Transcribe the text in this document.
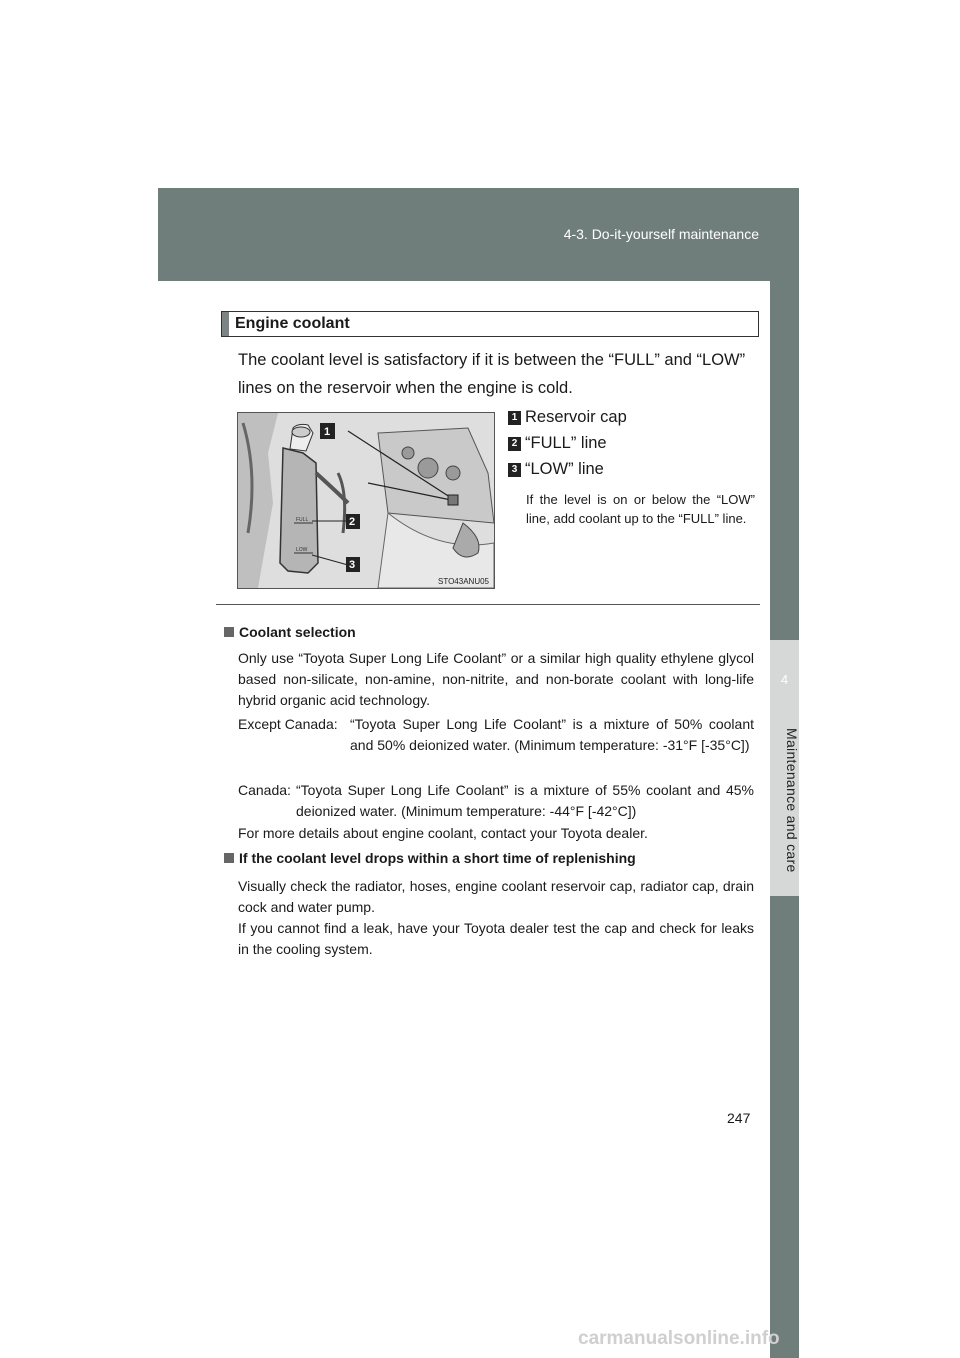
4-3. Do-it-yourself maintenance
4
Maintenance and care
Engine coolant
The coolant level is satisfactory if it is between the “FULL” and “LOW” lines on the reservoir when the engine is cold.
FULL
LOW
1
2
3
STO43ANU05
1 Reservoir cap
2 “FULL” line
3 “LOW” line
If the level is on or below the “LOW” line, add coolant up to the “FULL” line.
Coolant selection
Only use “Toyota Super Long Life Coolant” or a similar high quality ethylene glycol based non-silicate, non-amine, non-nitrite, and non-borate coolant with long-life hybrid organic acid technology.
Except Canada: “Toyota Super Long Life Coolant” is a mixture of 50% coolant and 50% deionized water. (Minimum temperature: -31°F [-35°C])
Canada: “Toyota Super Long Life Coolant” is a mixture of 55% coolant and 45% deionized water. (Minimum temperature: -44°F [-42°C])
For more details about engine coolant, contact your Toyota dealer.
If the coolant level drops within a short time of replenishing
Visually check the radiator, hoses, engine coolant reservoir cap, radiator cap, drain cock and water pump.
If you cannot find a leak, have your Toyota dealer test the cap and check for leaks in the cooling system.
247
carmanualsonline.info
